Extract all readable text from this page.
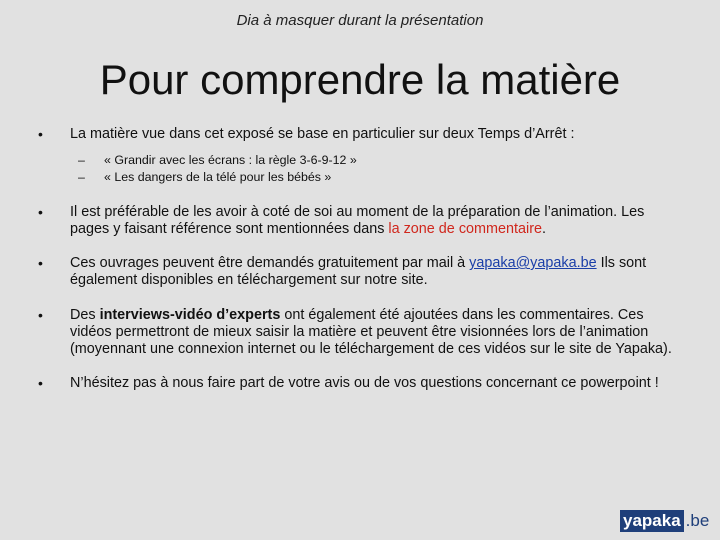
Dia à masquer durant la présentation
Pour comprendre la matière
• La matière vue dans cet exposé se base en particulier sur deux Temps d’Arrêt :
– « Grandir avec les écrans : la règle 3-6-9-12 »
– « Les dangers de la télé pour les bébés »
• Il est préférable de les avoir à coté de soi au moment de la préparation de l’animation. Les pages y faisant référence sont mentionnées dans la zone de commentaire.
• Ces ouvrages peuvent être demandés gratuitement par mail à yapaka@yapaka.be Ils sont également disponibles en téléchargement sur notre site.
• Des interviews-vidéo d’experts ont également été ajoutées dans les commentaires. Ces vidéos permettront de mieux saisir la matière et peuvent être visionnées lors de l’animation (moyennant une connexion internet ou le téléchargement de ces vidéos sur le site de Yapaka).
• N’hésitez pas à nous faire part de votre avis ou de vos questions concernant ce powerpoint !
yapaka .be
